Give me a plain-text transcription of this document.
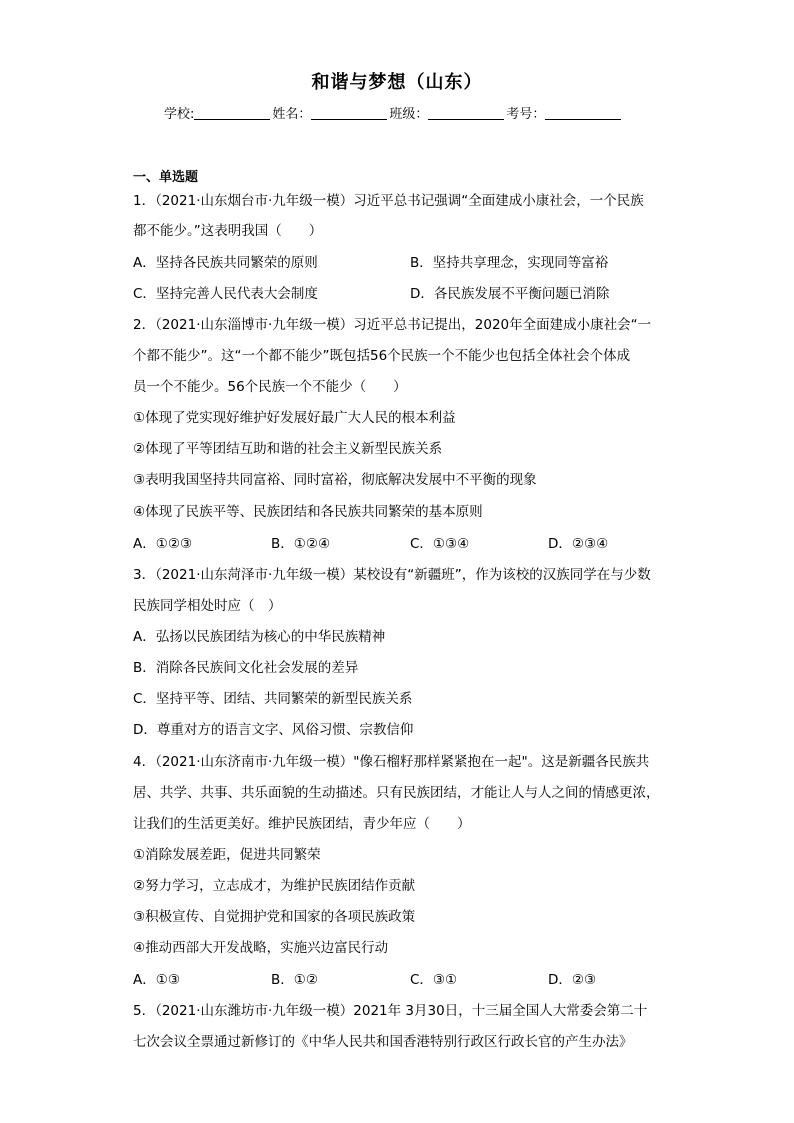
和谐与梦想（山东）
学校:	姓名：	班级：	考号：
一、单选题
1．（2021·山东烟台市·九年级一模）习近平总书记强调“全面建成小康社会，一个民族
都不能少。”这表明我国（　　）
A．坚持各民族共同繁荣的原则	B．坚持共享理念，实现同等富裕
C．坚持完善人民代表大会制度	D．各民族发展不平衡问题已消除
2．（2021·山东淄博市·九年级一模）习近平总书记提出，2020年全面建成小康社会“一
个都不能少”。这“一个都不能少”既包括56个民族一个不能少也包括全体社会个体成
员一个不能少。56个民族一个不能少（　　）
①体现了党实现好维护好发展好最广大人民的根本利益
②体现了平等团结互助和谐的社会主义新型民族关系
③表明我国坚持共同富裕、同时富裕，彻底解决发展中不平衡的现象
④体现了民族平等、民族团结和各民族共同繁荣的基本原则
A．①②③	B．①②④	C．①③④	D．②③④
3．（2021·山东菏泽市·九年级一模）某校设有“新疆班”，作为该校的汉族同学在与少数
民族同学相处时应（　）
A．弘扬以民族团结为核心的中华民族精神
B．消除各民族间文化社会发展的差异
C．坚持平等、团结、共同繁荣的新型民族关系
D．尊重对方的语言文字、风俗习惯、宗教信仰
4．（2021·山东济南市·九年级一模）"像石榴籽那样紧紧抱在一起"。这是新疆各民族共
居、共学、共事、共乐面貌的生动描述。只有民族团结，才能让人与人之间的情感更浓，
让我们的生活更美好。维护民族团结，青少年应（　　）
①消除发展差距，促进共同繁荣
②努力学习，立志成才，为维护民族团结作贡献
③积极宣传、自觉拥护党和国家的各项民族政策
④推动西部大开发战略，实施兴边富民行动
A．①③	B．①②	C．③①	D．②③
5．（2021·山东潍坊市·九年级一模）2021年 3月30日，十三届全国人大常委会第二十
七次会议全票通过新修订的《中华人民共和国香港特别行政区行政长官的产生办法》
